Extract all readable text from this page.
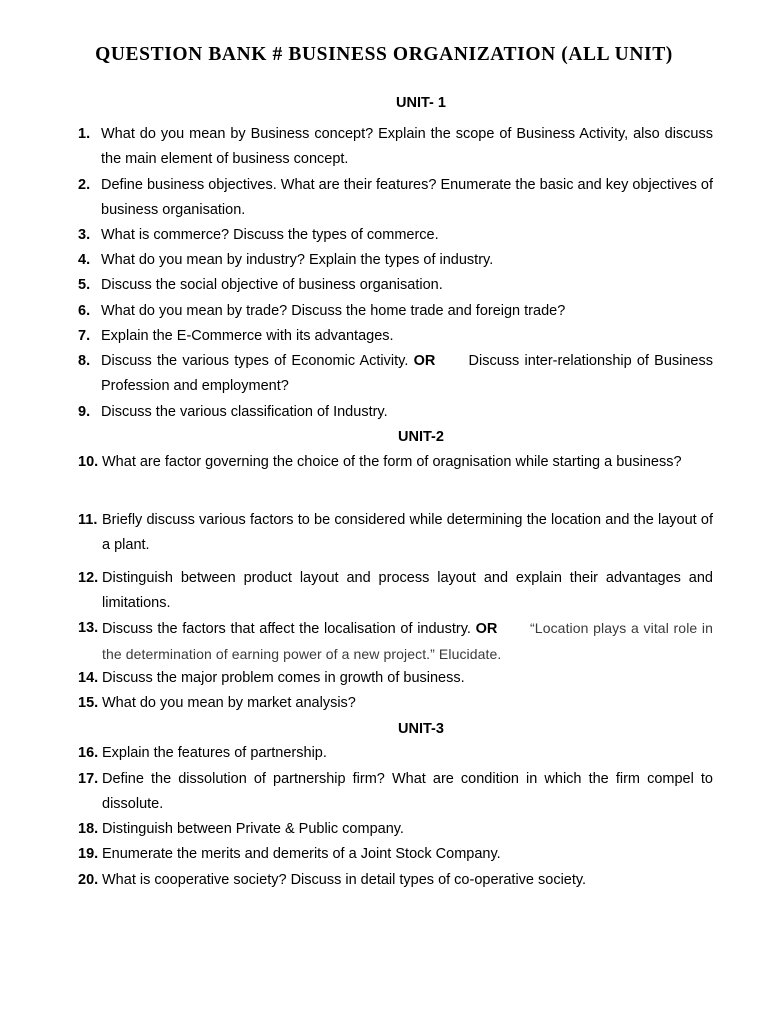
QUESTION BANK # BUSINESS ORGANIZATION (ALL UNIT)
UNIT- 1
1. What do you mean by Business concept? Explain the scope of Business Activity, also discuss the main element of business concept.
2. Define business objectives. What are their features? Enumerate the basic and key objectives of business organisation.
3. What is commerce? Discuss the types of commerce.
4. What do you mean by industry? Explain the types of industry.
5. Discuss the social objective of business organisation.
6. What do you mean by trade? Discuss the home trade and foreign trade?
7. Explain the E-Commerce with its advantages.
8. Discuss the various types of Economic Activity. OR Discuss inter-relationship of Business Profession and employment?
9. Discuss the various classification of Industry.
UNIT-2
10. What are factor governing the choice of the form of oragnisation while starting a business?
11. Briefly discuss various factors to be considered while determining the location and the layout of a plant.
12. Distinguish between product layout and process layout and explain their advantages and limitations.
13. Discuss the factors that affect the localisation of industry. OR “Location plays a vital role in the determination of earning power of a new project.” Elucidate.
14. Discuss the major problem comes in growth of business.
15. What do you mean by market analysis?
UNIT-3
16. Explain the features of partnership.
17. Define the dissolution of partnership firm? What are condition in which the firm compel to dissolute.
18. Distinguish between Private & Public company.
19. Enumerate the merits and demerits of a Joint Stock Company.
20. What is cooperative society? Discuss in detail types of co-operative society.
